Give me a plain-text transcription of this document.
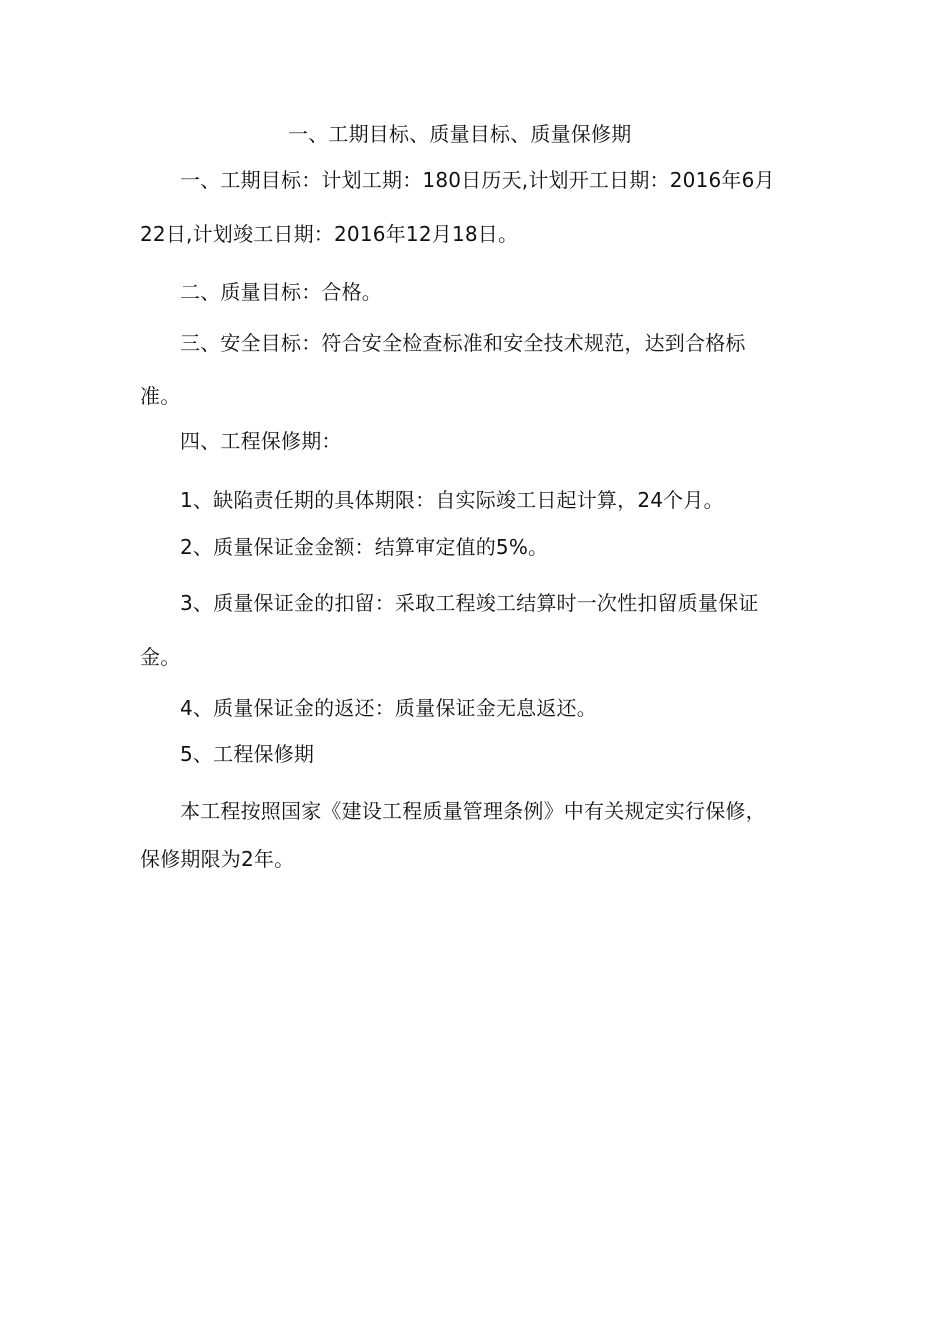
一、工期目标、质量目标、质量保修期
一、工期目标：计划工期：180日历天,计划开工日期：2016年6月
22日,计划竣工日期：2016年12月18日。
二、质量目标：合格。
三、安全目标：符合安全检查标准和安全技术规范，达到合格标
准。
四、工程保修期：
1、缺陷责任期的具体期限：自实际竣工日起计算，24个月。
2、质量保证金金额：结算审定值的5%。
3、质量保证金的扣留：采取工程竣工结算时一次性扣留质量保证
金。
4、质量保证金的返还：质量保证金无息返还。
5、工程保修期
本工程按照国家《建设工程质量管理条例》中有关规定实行保修，
保修期限为2年。
